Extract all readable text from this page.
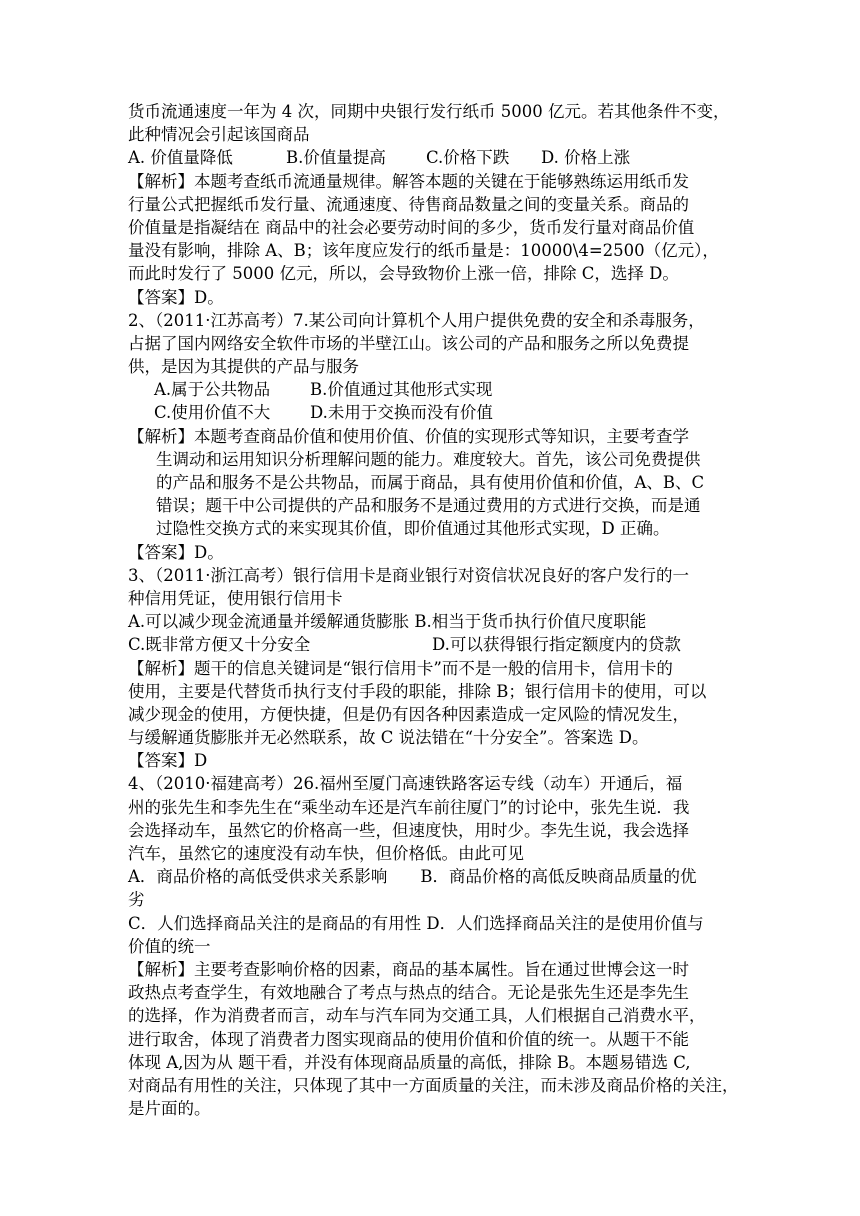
货币流通速度一年为 4 次，同期中央银行发行纸币 5000 亿元。若其他条件不变，
此种情况会引起该国商品
A. 价值量降低	B.价值量提高 C.价格下跌 D. 价格上涨
【解析】本题考查纸币流通量规律。解答本题的关键在于能够熟练运用纸币发
行量公式把握纸币发行量、流通速度、待售商品数量之间的变量关系。商品的
价值量是指凝结在 商品中的社会必要劳动时间的多少，货币发行量对商品价值
量没有影响，排除 A、B；该年度应发行的纸币量是：10000\4=2500（亿元），
而此时发行了 5000 亿元，所以，会导致物价上涨一倍，排除 C，选择 D。
【答案】D。
2、（2011·江苏高考）7.某公司向计算机个人用户提供免费的安全和杀毒服务，
占据了国内网络安全软件市场的半壁江山。该公司的产品和服务之所以免费提
供，是因为其提供的产品与服务
A.属于公共物品 B.价值通过其他形式实现
C.使用价值不大 D.未用于交换而没有价值
【解析】本题考查商品价值和使用价值、价值的实现形式等知识，主要考查学
生调动和运用知识分析理解问题的能力。难度较大。首先，该公司免费提供
的产品和服务不是公共物品，而属于商品，具有使用价值和价值，A、B、C
错误；题干中公司提供的产品和服务不是通过费用的方式进行交换，而是通
过隐性交换方式的来实现其价值，即价值通过其他形式实现，D 正确。
【答案】D。
3、（2011·浙江高考）银行信用卡是商业银行对资信状况良好的客户发行的一
种信用凭证，使用银行信用卡
A.可以减少现金流通量并缓解通货膨胀 B.相当于货币执行价值尺度职能
C.既非常方便又十分安全	D.可以获得银行指定额度内的贷款
【解析】题干的信息关键词是“银行信用卡”而不是一般的信用卡，信用卡的
使用，主要是代替货币执行支付手段的职能，排除 B；银行信用卡的使用，可以
减少现金的使用，方便快捷，但是仍有因各种因素造成一定风险的情况发生，
与缓解通货膨胀并无必然联系，故 C 说法错在“十分安全”。答案选 D。
【答案】D
4、（2010·福建高考）26.福州至厦门高速铁路客运专线（动车）开通后，福
州的张先生和李先生在“乘坐动车还是汽车前往厦门”的讨论中，张先生说．我
会选择动车，虽然它的价格高一些，但速度快，用时少。李先生说，我会选择
汽车，虽然它的速度没有动车快，但价格低。由此可见
A．商品价格的高低受供求关系影响　　B．商品价格的高低反映商品质量的优
劣
C．人们选择商品关注的是商品的有用性 D．人们选择商品关注的是使用价值与
价值的统一
【解析】主要考查影响价格的因素，商品的基本属性。旨在通过世博会这一时
政热点考查学生，有效地融合了考点与热点的结合。无论是张先生还是李先生
的选择，作为消费者而言，动车与汽车同为交通工具，人们根据自己消费水平，
进行取舍，体现了消费者力图实现商品的使用价值和价值的统一。从题干不能
体现 A,因为从 题干看，并没有体现商品质量的高低，排除 B。本题易错选 C,
对商品有用性的关注，只体现了其中一方面质量的关注，而未涉及商品价格的关注，
是片面的。
